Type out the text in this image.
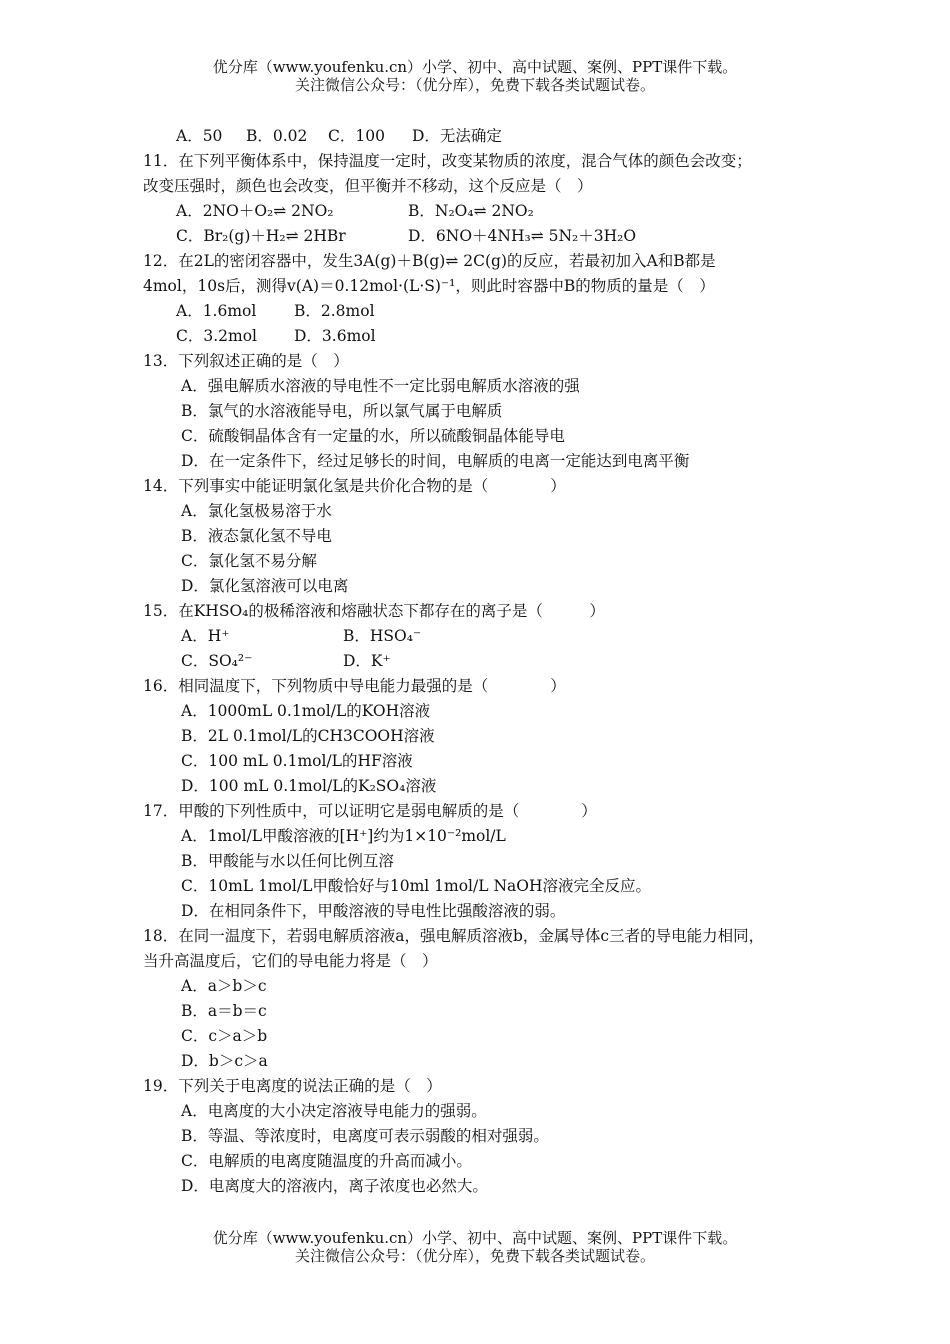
优分库（www.youfenku.cn）小学、初中、高中试题、案例、PPT课件下载。
关注微信公众号：（优分库），免费下载各类试题试卷。
A．50 B．0.02 C．100 D．无法确定
11．在下列平衡体系中，保持温度一定时，改变某物质的浓度，混合气体的颜色会改变；
改变压强时，颜色也会改变，但平衡并不移动，这个反应是（　）
A．2NO＋O₂⇌ 2NO₂	B．N₂O₄⇌ 2NO₂
C．Br₂(g)＋H₂⇌ 2HBr	D．6NO＋4NH₃⇌ 5N₂＋3H₂O
12．在2L的密闭容器中，发生3A(g)＋B(g)⇌ 2C(g)的反应，若最初加入A和B都是
4mol，10s后，测得v(A)＝0.12mol·(L·S)⁻¹，则此时容器中B的物质的量是（　）
A．1.6mol B．2.8mol
C．3.2mol D．3.6mol
13．下列叙述正确的是（　）
A．强电解质水溶液的导电性不一定比弱电解质水溶液的强
B．氯气的水溶液能导电，所以氯气属于电解质
C．硫酸铜晶体含有一定量的水，所以硫酸铜晶体能导电
D．在一定条件下，经过足够长的时间，电解质的电离一定能达到电离平衡
14．下列事实中能证明氯化氢是共价化合物的是（　　　　）
A．氯化氢极易溶于水
B．液态氯化氢不导电
C．氯化氢不易分解
D．氯化氢溶液可以电离
15．在KHSO₄的极稀溶液和熔融状态下都存在的离子是（　　　）
A．H⁺	B．HSO₄⁻
C．SO₄²⁻	D．K⁺
16．相同温度下，下列物质中导电能力最强的是（　　　　）
A．1000mL 0.1mol/L的KOH溶液
B．2L 0.1mol/L的CH3COOH溶液
C．100 mL 0.1mol/L的HF溶液
D．100 mL 0.1mol/L的K₂SO₄溶液
17．甲酸的下列性质中，可以证明它是弱电解质的是（　　　　）
A．1mol/L甲酸溶液的[H⁺]约为1×10⁻²mol/L
B．甲酸能与水以任何比例互溶
C．10mL 1mol/L甲酸恰好与10ml 1mol/L NaOH溶液完全反应。
D．在相同条件下，甲酸溶液的导电性比强酸溶液的弱。
18．在同一温度下，若弱电解质溶液a，强电解质溶液b，金属导体c三者的导电能力相同，
当升高温度后，它们的导电能力将是（　）
A．a＞b＞c
B．a＝b＝c
C．c＞a＞b
D．b＞c＞a
19．下列关于电离度的说法正确的是（　）
A．电离度的大小决定溶液导电能力的强弱。
B．等温、等浓度时，电离度可表示弱酸的相对强弱。
C．电解质的电离度随温度的升高而减小。
D．电离度大的溶液内，离子浓度也必然大。
优分库（www.youfenku.cn）小学、初中、高中试题、案例、PPT课件下载。
关注微信公众号：（优分库），免费下载各类试题试卷。
